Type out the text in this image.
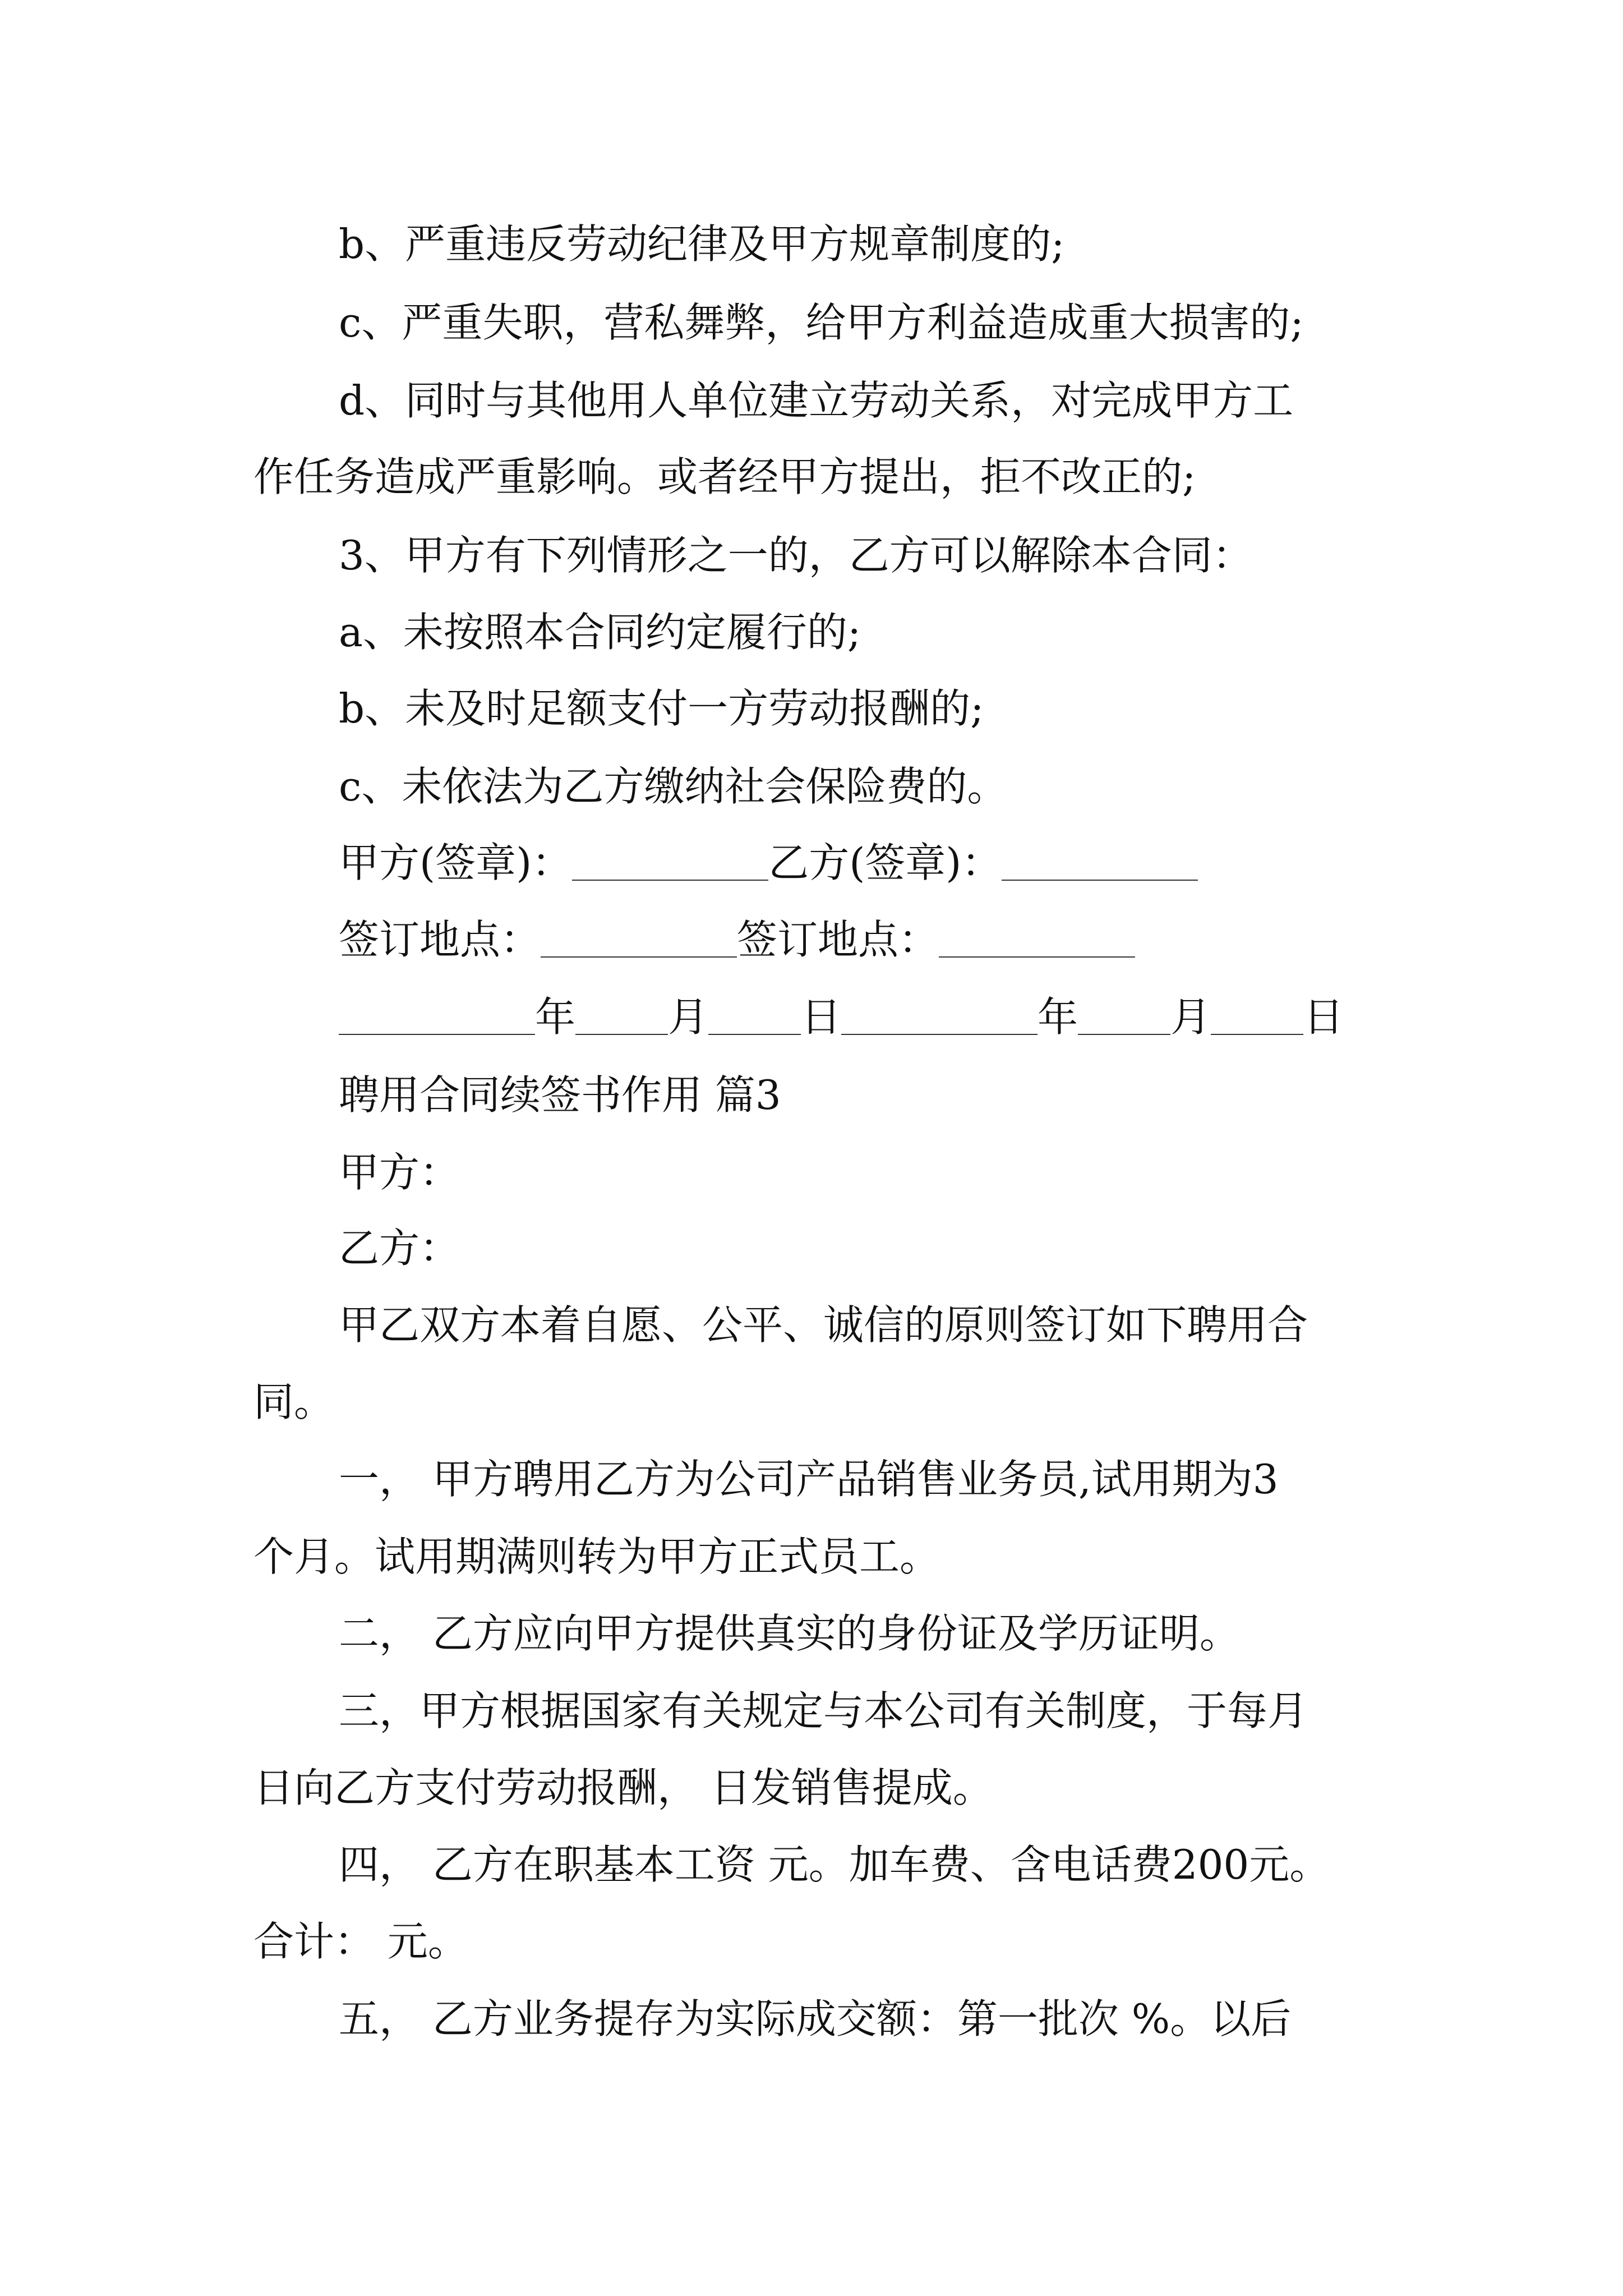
b、严重违反劳动纪律及甲方规章制度的;

c、严重失职，营私舞弊，给甲方利益造成重大损害的;

d、同时与其他用人单位建立劳动关系，对完成甲方工

作任务造成严重影响。或者经甲方提出，拒不改正的;

3、甲方有下列情形之一的，乙方可以解除本合同：

a、未按照本合同约定履行的;

b、未及时足额支付一方劳动报酬的;

c、未依法为乙方缴纳社会保险费的。

甲方(签章)：	乙方(签章)：

签订地点：	签订地点：

年 月 日	年 月 日

聘用合同续签书作用 篇3

甲方：

乙方：

甲乙双方本着自愿、公平、诚信的原则签订如下聘用合

同。

一， 甲方聘用乙方为公司产品销售业务员,试用期为3

个月。试用期满则转为甲方正式员工。

二， 乙方应向甲方提供真实的身份证及学历证明。

三，甲方根据国家有关规定与本公司有关制度，于每月

日向乙方支付劳动报酬， 日发销售提成。

四， 乙方在职基本工资 元。加车费、含电话费200元。

合计： 元。

五， 乙方业务提存为实际成交额：第一批次 %。以后
